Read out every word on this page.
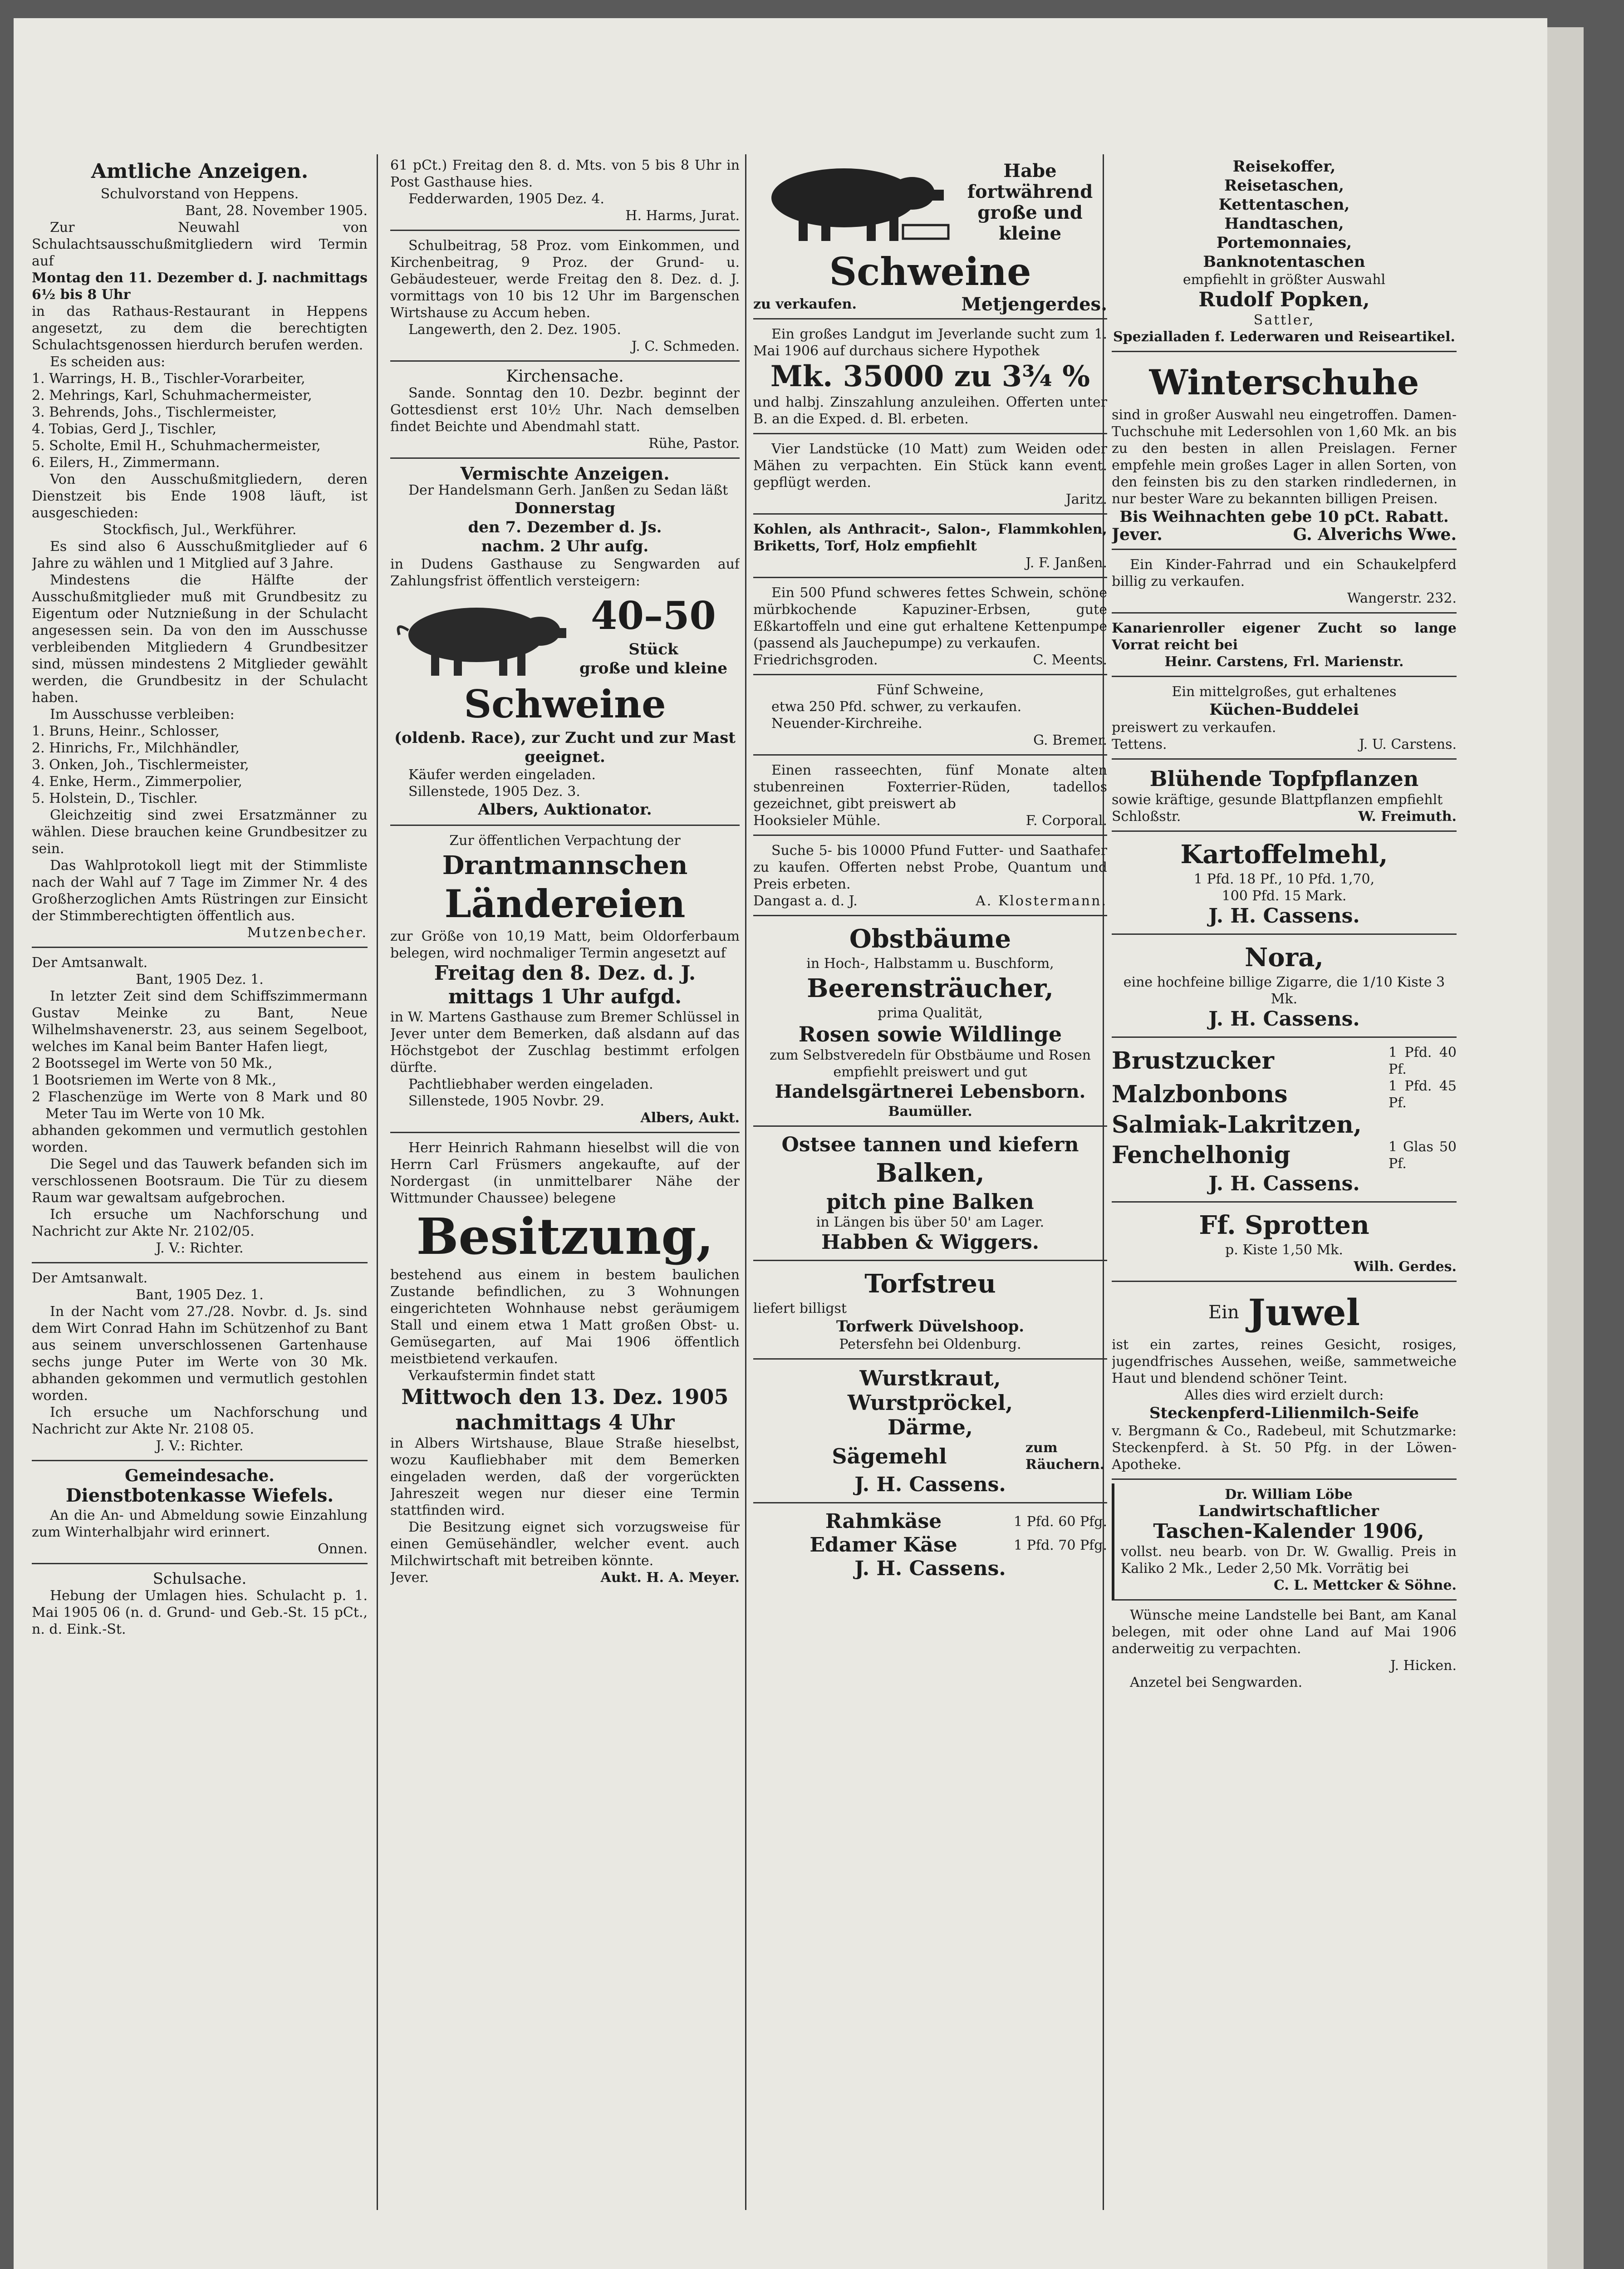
Amtliche Anzeigen.

Schulvorstand von Heppens.

Bant, 28. November 1905.

Zur Neuwahl von Schulachtsausschußmitgliedern wird Termin auf

Montag den 11. Dezember d. J. nachmittags 6½ bis 8 Uhr

in das Rathaus-Restaurant in Heppens angesetzt, zu dem die berechtigten Schulachtsgenossen hierdurch berufen werden.

Es scheiden aus:

1. Warrings, H. B., Tischler-Vorarbeiter,

2. Mehrings, Karl, Schuhmachermeister,

3. Behrends, Johs., Tischlermeister,

4. Tobias, Gerd J., Tischler,

5. Scholte, Emil H., Schuhmachermeister,

6. Eilers, H., Zimmermann.

Von den Ausschußmitgliedern, deren Dienstzeit bis Ende 1908 läuft, ist ausgeschieden:

Stockfisch, Jul., Werkführer.

Es sind also 6 Ausschußmitglieder auf 6 Jahre zu wählen und 1 Mitglied auf 3 Jahre.

Mindestens die Hälfte der Ausschußmitglieder muß mit Grundbesitz zu Eigentum oder Nutznießung in der Schulacht angesessen sein. Da von den im Ausschusse verbleibenden Mitgliedern 4 Grundbesitzer sind, müssen mindestens 2 Mitglieder gewählt werden, die Grundbesitz in der Schulacht haben.

Im Ausschusse verbleiben:

1. Bruns, Heinr., Schlosser,

2. Hinrichs, Fr., Milchhändler,

3. Onken, Joh., Tischlermeister,

4. Enke, Herm., Zimmerpolier,

5. Holstein, D., Tischler.

Gleichzeitig sind zwei Ersatzmänner zu wählen. Diese brauchen keine Grundbesitzer zu sein.

Das Wahlprotokoll liegt mit der Stimmliste nach der Wahl auf 7 Tage im Zimmer Nr. 4 des Großherzoglichen Amts Rüstringen zur Einsicht der Stimmberechtigten öffentlich aus.

Mutzenbecher.

Der Amtsanwalt.

Bant, 1905 Dez. 1.

In letzter Zeit sind dem Schiffszimmermann Gustav Meinke zu Bant, Neue Wilhelmshavenerstr. 23, aus seinem Segelboot, welches im Kanal beim Banter Hafen liegt,

2 Bootssegel im Werte von 50 Mk.,

1 Bootsriemen im Werte von 8 Mk.,

2 Flaschenzüge im Werte von 8 Mark und 80 Meter Tau im Werte von 10 Mk.

abhanden gekommen und vermutlich gestohlen worden.

Die Segel und das Tauwerk befanden sich im verschlossenen Bootsraum. Die Tür zu diesem Raum war gewaltsam aufgebrochen.

Ich ersuche um Nachforschung und Nachricht zur Akte Nr. 2102/05.

J. V.: Richter.

Der Amtsanwalt.

Bant, 1905 Dez. 1.

In der Nacht vom 27./28. Novbr. d. Js. sind dem Wirt Conrad Hahn im Schützenhof zu Bant aus seinem unverschlossenen Gartenhause sechs junge Puter im Werte von 30 Mk. abhanden gekommen und vermutlich gestohlen worden.

Ich ersuche um Nachforschung und Nachricht zur Akte Nr. 2108 05.

J. V.: Richter.

Gemeindesache.

Dienstbotenkasse Wiefels.

An die An- und Abmeldung sowie Einzahlung zum Winterhalbjahr wird erinnert.

Onnen.

Schulsache.

Hebung der Umlagen hies. Schulacht p. 1. Mai 1905 06 (n. d. Grund- und Geb.-St. 15 pCt., n. d. Eink.-St.

61 pCt.) Freitag den 8. d. Mts. von 5 bis 8 Uhr in Post Gasthause hies.

Fedderwarden, 1905 Dez. 4.

H. Harms, Jurat.

Schulbeitrag, 58 Proz. vom Einkommen, und Kirchenbeitrag, 9 Proz. der Grund- u. Gebäudesteuer, werde Freitag den 8. Dez. d. J. vormittags von 10 bis 12 Uhr im Bargenschen Wirtshause zu Accum heben.

Langewerth, den 2. Dez. 1905.

J. C. Schmeden.

Kirchensache.

Sande. Sonntag den 10. Dezbr. beginnt der Gottesdienst erst 10½ Uhr. Nach demselben findet Beichte und Abendmahl statt.

Rühe, Pastor.

Vermischte Anzeigen.

Der Handelsmann Gerh. Janßen zu Sedan läßt

Donnerstag

den 7. Dezember d. Js.

nachm. 2 Uhr aufg.

in Dudens Gasthause zu Sengwarden auf Zahlungsfrist öffentlich versteigern:

40–50

Stück

große und kleine

Schweine

(oldenb. Race), zur Zucht und zur Mast geeignet.

Käufer werden eingeladen.

Sillenstede, 1905 Dez. 3.

Albers, Auktionator.

Zur öffentlichen Verpachtung der

Drantmannschen
Ländereien

zur Größe von 10,19 Matt, beim Oldorferbaum belegen, wird nochmaliger Termin angesetzt auf

Freitag den 8. Dez. d. J. mittags 1 Uhr aufgd.

in W. Martens Gasthause zum Bremer Schlüssel in Jever unter dem Bemerken, daß alsdann auf das Höchstgebot der Zuschlag bestimmt erfolgen dürfte.

Pachtliebhaber werden eingeladen.

Sillenstede, 1905 Novbr. 29.

Albers, Aukt.

Herr Heinrich Rahmann hieselbst will die von Herrn Carl Früsmers angekaufte, auf der Nordergast (in unmittelbarer Nähe der Wittmunder Chaussee) belegene

Besitzung,

bestehend aus einem in bestem baulichen Zustande befindlichen, zu 3 Wohnungen eingerichteten Wohnhause nebst geräumigem Stall und einem etwa 1 Matt großen Obst- u. Gemüsegarten, auf Mai 1906 öffentlich meistbietend verkaufen.

Verkaufstermin findet statt

Mittwoch den 13. Dez. 1905 nachmittags 4 Uhr

in Albers Wirtshause, Blaue Straße hieselbst, wozu Kaufliebhaber mit dem Bemerken eingeladen werden, daß der vorgerückten Jahreszeit wegen nur dieser eine Termin stattfinden wird.

Die Besitzung eignet sich vorzugsweise für einen Gemüsehändler, welcher event. auch Milchwirtschaft mit betreiben könnte.

Jever.	Aukt. H. A. Meyer.

Habe fortwährend große und kleine

Schweine

zu verkaufen.	Metjengerdes.

Ein großes Landgut im Jeverlande sucht zum 1. Mai 1906 auf durchaus sichere Hypothek

Mk. 35000 zu 3¾ %

und halbj. Zinszahlung anzuleihen. Offerten unter B. an die Exped. d. Bl. erbeten.

Vier Landstücke (10 Matt) zum Weiden oder Mähen zu verpachten. Ein Stück kann event. gepflügt werden.

Jaritz.

Kohlen, als Anthracit-, Salon-, Flammkohlen, Briketts, Torf, Holz empfiehlt

J. F. Janßen.

Ein 500 Pfund schweres fettes Schwein, schöne mürbkochende Kapuziner-Erbsen, gute Eßkartoffeln und eine gut erhaltene Kettenpumpe (passend als Jauchepumpe) zu verkaufen.

Friedrichsgroden.	C. Meents.

Fünf Schweine,

etwa 250 Pfd. schwer, zu verkaufen.

Neuender-Kirchreihe.

G. Bremer.

Einen rasseechten, fünf Monate alten stubenreinen Foxterrier-Rüden, tadellos gezeichnet, gibt preiswert ab

Hooksieler Mühle.	F. Corporal.

Suche 5- bis 10000 Pfund Futter- und Saathafer zu kaufen. Offerten nebst Probe, Quantum und Preis erbeten.

Dangast a. d. J.	A. Klostermann.

Obstbäume

in Hoch-, Halbstamm u. Buschform,

Beerensträucher,

prima Qualität,

Rosen sowie Wildlinge

zum Selbstveredeln für Obstbäume und Rosen

empfiehlt preiswert und gut

Handelsgärtnerei Lebensborn.

Baumüller.

Ostsee tannen und kiefern

Balken,

pitch pine Balken

in Längen bis über 50' am Lager.

Habben & Wiggers.

Torfstreu

liefert billigst

Torfwerk Düvelshoop.

Petersfehn bei Oldenburg.

Wurstkraut,

Wurstpröckel,

Därme,

Sägemehl	zum Räuchern.

J. H. Cassens.

Rahmkäse	1 Pfd. 60 Pfg.

Edamer Käse	1 Pfd. 70 Pfg.

J. H. Cassens.

Reisekoffer,

Reisetaschen,

Kettentaschen,

Handtaschen,

Portemonnaies,

Banknotentaschen

empfiehlt in größter Auswahl

Rudolf Popken,

Sattler,

Spezialladen f. Lederwaren und Reiseartikel.

Winterschuhe

sind in großer Auswahl neu eingetroffen. Damen-Tuchschuhe mit Ledersohlen von 1,60 Mk. an bis zu den besten in allen Preislagen. Ferner empfehle mein großes Lager in allen Sorten, von den feinsten bis zu den starken rindledernen, in nur bester Ware zu bekannten billigen Preisen.

Bis Weihnachten gebe 10 pCt. Rabatt.

Jever.	G. Alverichs Wwe.

Ein Kinder-Fahrrad und ein Schaukelpferd billig zu verkaufen.

Wangerstr. 232.

Kanarienroller eigener Zucht so lange Vorrat reicht bei

Heinr. Carstens, Frl. Marienstr.

Ein mittelgroßes, gut erhaltenes

Küchen-Buddelei

preiswert zu verkaufen.

Tettens.	J. U. Carstens.

Blühende Topfpflanzen

sowie kräftige, gesunde Blattpflanzen empfiehlt

Schloßstr.	W. Freimuth.

Kartoffelmehl,

1 Pfd. 18 Pf., 10 Pfd. 1,70,

100 Pfd. 15 Mark.

J. H. Cassens.

Nora,

eine hochfeine billige Zigarre, die 1/10 Kiste 3 Mk.

J. H. Cassens.

Brustzucker	1 Pfd. 40 Pf.

Malzbonbons	1 Pfd. 45 Pf.

Salmiak-Lakritzen,

Fenchelhonig	1 Glas 50 Pf.

J. H. Cassens.

Ff. Sprotten

p. Kiste 1,50 Mk.

Wilh. Gerdes.

Ein Juwel

ist ein zartes, reines Gesicht, rosiges, jugendfrisches Aussehen, weiße, sammetweiche Haut und blendend schöner Teint.

Alles dies wird erzielt durch:

Steckenpferd-Lilienmilch-Seife

v. Bergmann & Co., Radebeul, mit Schutzmarke: Steckenpferd. à St. 50 Pfg. in der Löwen-Apotheke.

Dr. William Löbe

Landwirtschaftlicher

Taschen-Kalender 1906,

vollst. neu bearb. von Dr. W. Gwallig. Preis in Kaliko 2 Mk., Leder 2,50 Mk. Vorrätig bei

C. L. Mettcker & Söhne.

Wünsche meine Landstelle bei Bant, am Kanal belegen, mit oder ohne Land auf Mai 1906 anderweitig zu verpachten.

J. Hicken.

Anzetel bei Sengwarden.
